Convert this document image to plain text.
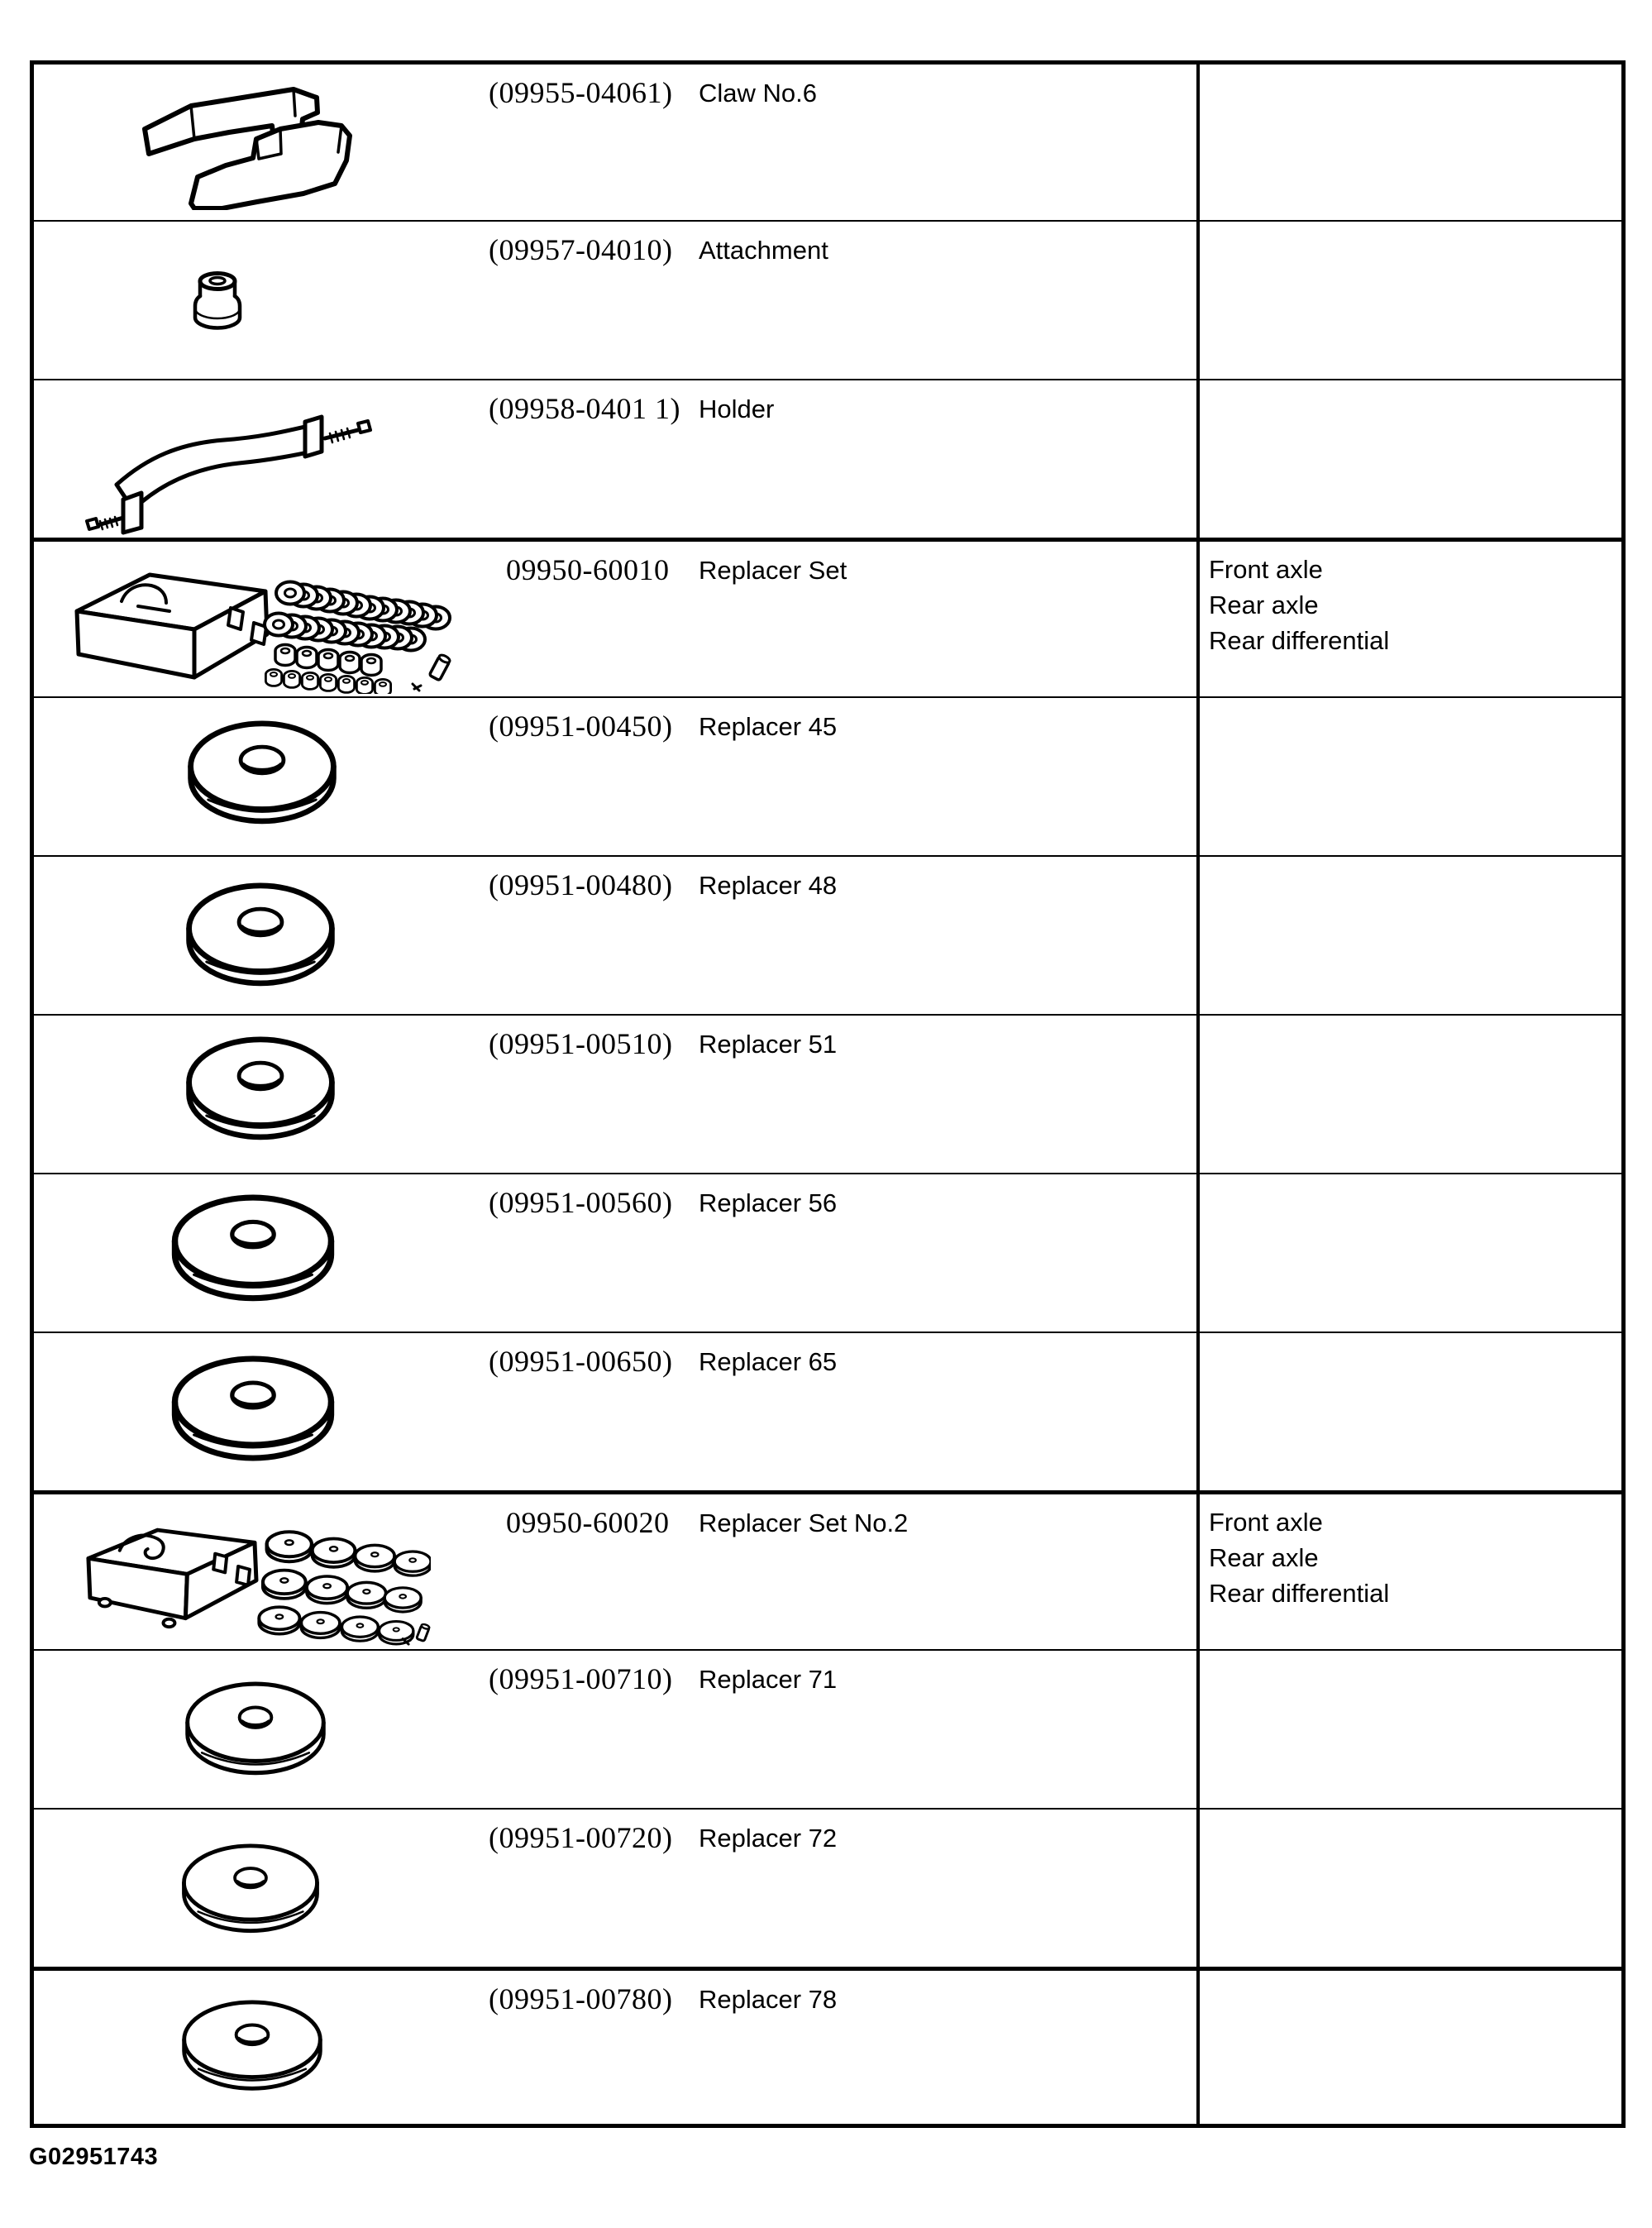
(09955-04061) Claw No.6
(09957-04010) Attachment
(09958-0401 1) Holder
09950-60010 Replacer Set	Front axle
Rear axle
Rear differential
(09951-00450) Replacer 45
(09951-00480) Replacer 48
(09951-00510) Replacer 51
(09951-00560) Replacer 56
(09951-00650) Replacer 65
09950-60020 Replacer Set No.2	Front axle
Rear axle
Rear differential
(09951-00710) Replacer 71
(09951-00720) Replacer 72
(09951-00780) Replacer 78
G02951743
